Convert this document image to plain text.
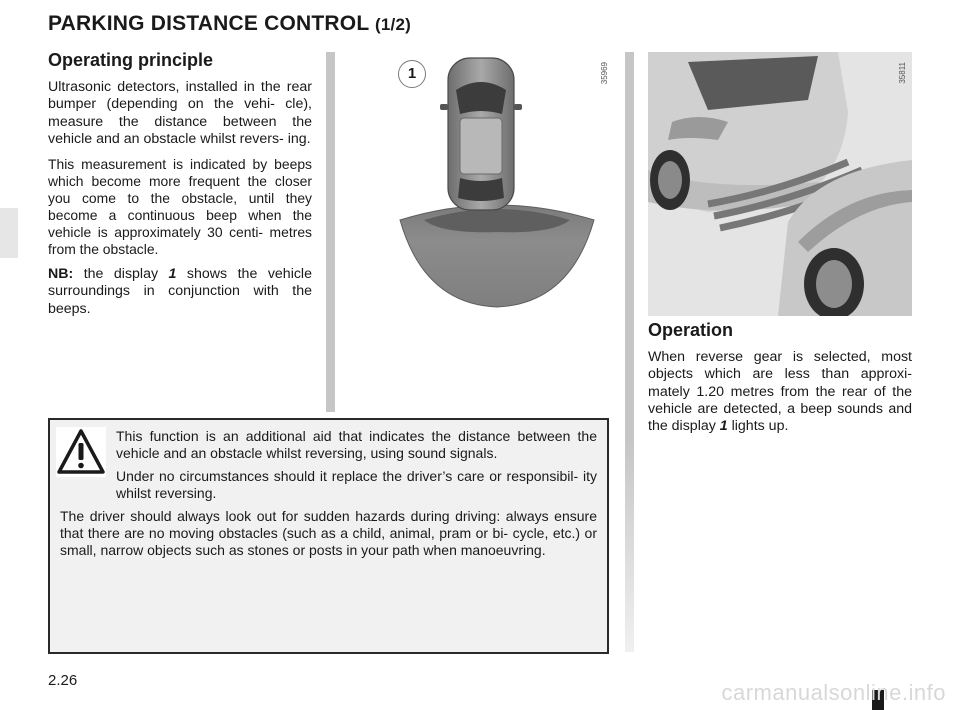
PARKING DISTANCE CONTROL (1/2)
Operating principle

Ultrasonic detectors, installed in the rear bumper (depending on the vehi- cle), measure the distance between the vehicle and an obstacle whilst revers- ing.

This measurement is indicated by beeps which become more frequent the closer you come to the obstacle, until they become a continuous beep when the vehicle is approximately 30 centi- metres from the obstacle.

NB: the display 1 shows the vehicle surroundings in conjunction with the beeps.

1	35969	35811
Operation

When reverse gear is selected, most objects which are less than approxi- mately 1.20 metres from the rear of the vehicle are detected, a beep sounds and the display 1 lights up.

This function is an additional aid that indicates the distance between the vehicle and an obstacle whilst reversing, using sound signals.

Under no circumstances should it replace the driver’s care or responsibil- ity whilst reversing.

The driver should always look out for sudden hazards during driving: always ensure that there are no moving obstacles (such as a child, animal, pram or bi- cycle, etc.) or small, narrow objects such as stones or posts in your path when manoeuvring.

2.26	carmanualsonline.info
